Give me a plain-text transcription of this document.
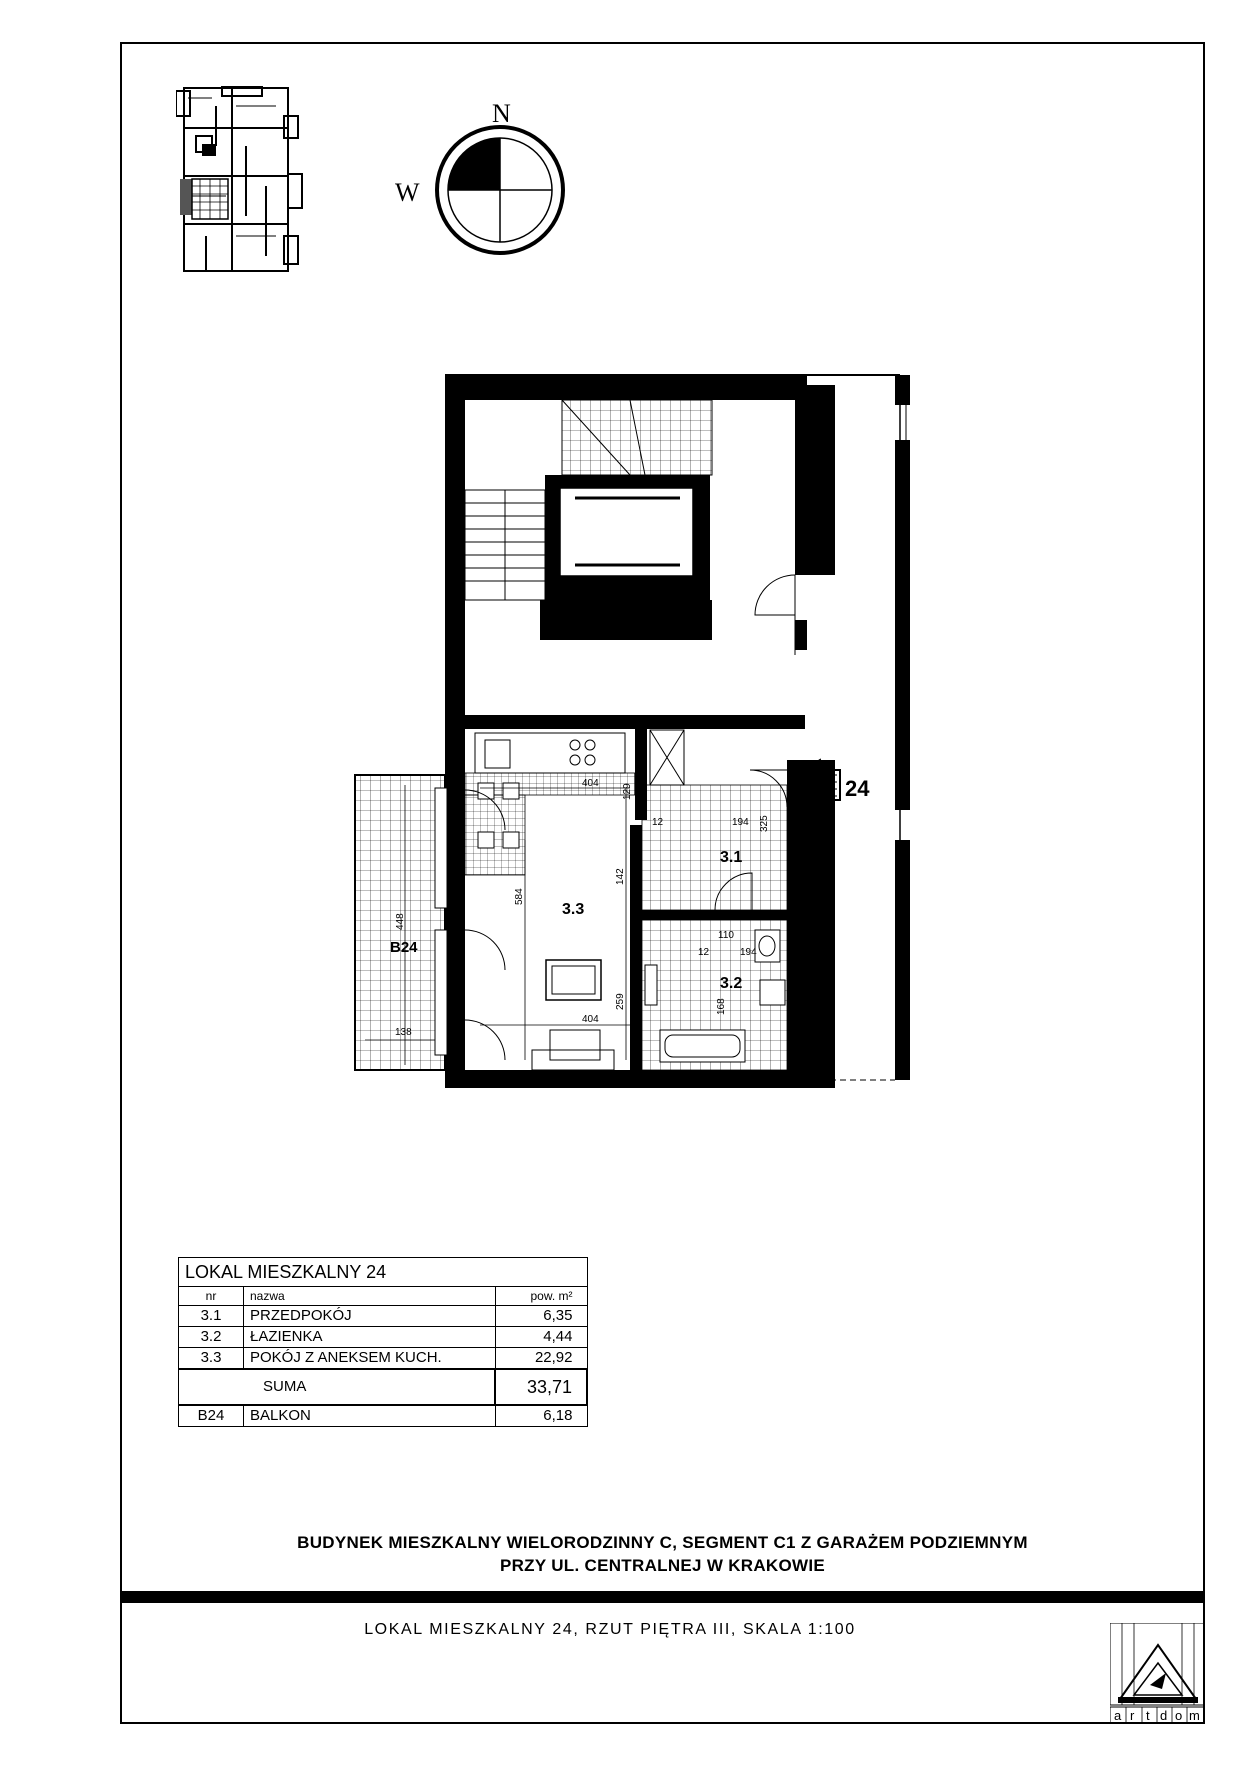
N
W
24
3.3
3.1
3.2
B24
404
404
142
584
259
129
194 325
12
12	194
110
168
448
138
LOKAL MIESZKALNY 24		
nr	nazwa	pow. m²
3.1	PRZEDPOKÓJ	6,35
3.2	ŁAZIENKA	4,44
3.3	POKÓJ Z ANEKSEM KUCH.	22,92
SUMA		33,71
B24	BALKON	6,18
BUDYNEK MIESZKALNY WIELORODZINNY C, SEGMENT C1 Z GARAŻEM PODZIEMNYM
PRZY UL. CENTRALNEJ W KRAKOWIE
LOKAL MIESZKALNY 24, RZUT PIĘTRA III, SKALA 1:100
a r t d o m
